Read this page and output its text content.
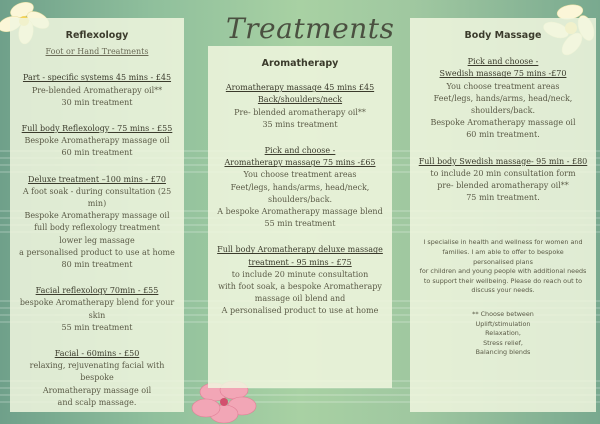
Treatments
Reflexology
Foot or Hand Treatments
Part - specific systems 45 mins - £45
Pre-blended Aromatherapy oil**
30 min treatment
Full body Reflexology - 75 mins - £55
Bespoke Aromatherapy massage oil
60 min treatment
Deluxe treatment –100 mins - £70
A foot soak - during consultation (25 min)
Bespoke Aromatherapy massage oil
full body reflexology treatment
lower leg massage
a personalised product to use at home
80 min treatment
Facial reflexology 70min - £55
bespoke Aromatherapy blend for your skin
55 min treatment
Facial - 60mins - £50
relaxing, rejuvenating facial with bespoke
Aromatherapy massage oil
and scalp massage.
Aromatherapy
Aromatherapy massage 45 mins £45
Back/shoulders/neck
Pre- blended aromatherapy oil**
35 mins treatment
Pick and choose -
Aromatherapy massage 75 mins -£65
You choose treatment areas
Feet/legs, hands/arms, head/neck,
shoulders/back.
A bespoke Aromatherapy massage blend
55 min treatment
Full body Aromatherapy deluxe massage
treatment - 95 mins - £75
to include 20 minute consultation
with foot soak, a bespoke Aromatherapy
massage oil blend and
A personalised product to use at home
Body Massage
Pick and choose -
Swedish massage 75 mins -£70
You choose treatment areas
Feet/legs, hands/arms, head/neck,
shoulders/back.
Bespoke Aromatherapy massage oil
60 min treatment.
Full body Swedish massage- 95 min - £80
to include 20 min consultation form
pre- blended aromatherapy oil**
75 min treatment.
I specialise in health and wellness for women and
families. I am able to offer to bespoke
personalised plans
for children and young people with additional needs
to support their wellbeing. Please do reach out to
discuss your needs.
** Choose between
Uplift/stimulation
Relaxation,
Stress relief,
Balancing blends
